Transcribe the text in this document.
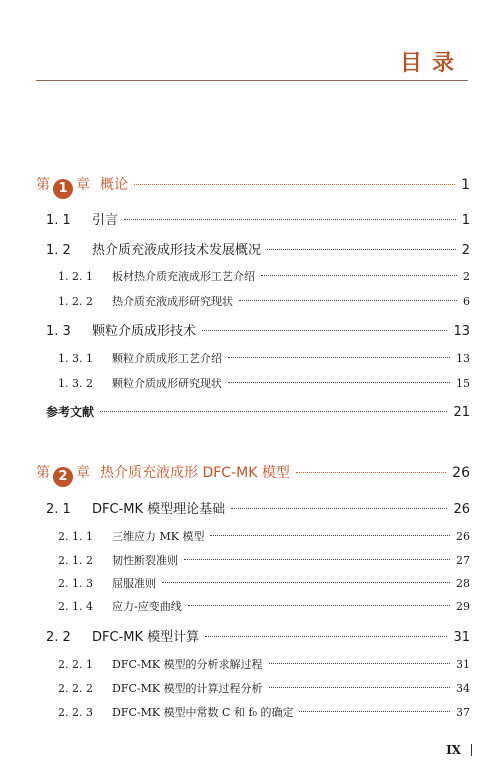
目录
第 1 章 概论	1
1. 1	引言	1
1. 2	热介质充液成形技术发展概况	2
1. 2. 1	板材热介质充液成形工艺介绍	2
1. 2. 2	热介质充液成形研究现状	6
1. 3	颗粒介质成形技术	13
1. 3. 1	颗粒介质成形工艺介绍	13
1. 3. 2	颗粒介质成形研究现状	15
参考文献	21
第 2 章 热介质充液成形 DFC-MK 模型	26
2. 1	DFC-MK 模型理论基础	26
2. 1. 1	三维应力 MK 模型	26
2. 1. 2	韧性断裂准则	27
2. 1. 3	屈服准则	28
2. 1. 4	应力-应变曲线	29
2. 2	DFC-MK 模型计算	31
2. 2. 1	DFC-MK 模型的分析求解过程	31
2. 2. 2	DFC-MK 模型的计算过程分析	34
2. 2. 3	DFC-MK 模型中常数 C 和 f₀ 的确定	37
IX
